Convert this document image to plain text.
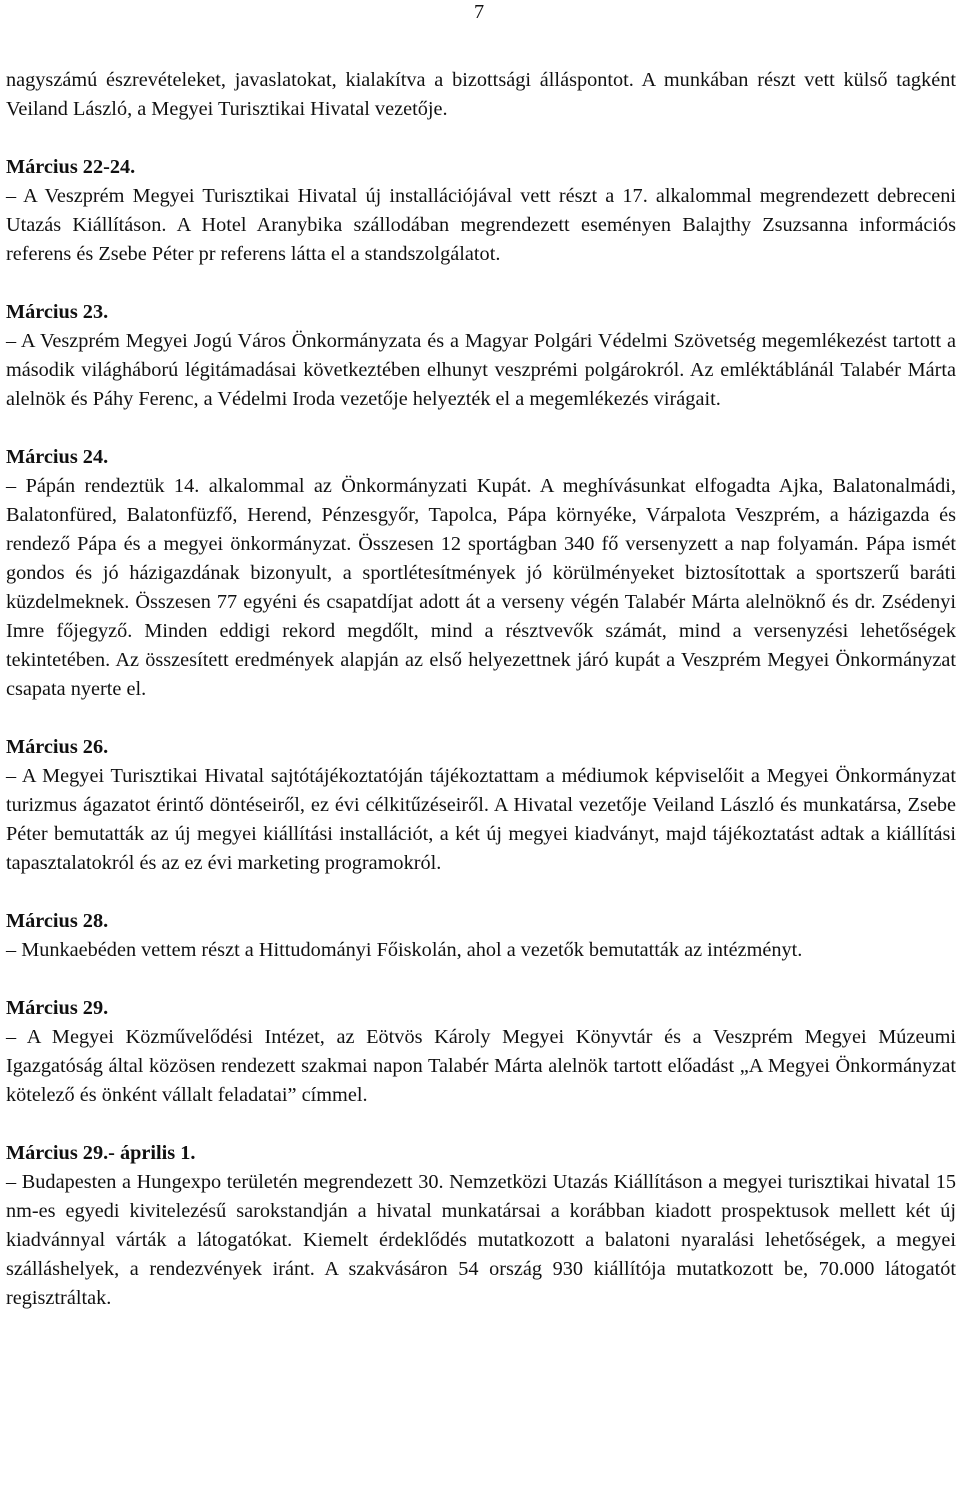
7

nagyszámú észrevételeket, javaslatokat, kialakítva a bizottsági álláspontot. A munkában részt vett külső tagként Veiland László, a Megyei Turisztikai Hivatal vezetője.

Március 22-24.

– A Veszprém Megyei Turisztikai Hivatal új installációjával vett részt a 17. alkalommal megrendezett debreceni Utazás Kiállításon. A Hotel Aranybika szállodában megrendezett eseményen Balajthy Zsuzsanna információs referens és Zsebe Péter pr referens látta el a standszolgálatot.

Március 23.

– A Veszprém Megyei Jogú Város Önkormányzata és a Magyar Polgári Védelmi Szövetség megemlékezést tartott a második világháború légitámadásai következtében elhunyt veszprémi polgárokról. Az emléktáblánál Talabér Márta alelnök és Páhy Ferenc, a Védelmi Iroda vezetője helyezték el a megemlékezés virágait.

Március 24.

– Pápán rendeztük 14. alkalommal az Önkormányzati Kupát. A meghívásunkat elfogadta Ajka, Balatonalmádi, Balatonfüred, Balatonfüzfő, Herend, Pénzesgyőr, Tapolca, Pápa környéke, Várpalota Veszprém, a házigazda és rendező Pápa és a megyei önkormányzat. Összesen 12 sportágban 340 fő versenyzett a nap folyamán. Pápa ismét gondos és jó házigazdának bizonyult, a sportlétesítmények jó körülményeket biztosítottak a sportszerű baráti küzdelmeknek. Összesen 77 egyéni és csapatdíjat adott át a verseny végén Talabér Márta alelnöknő és dr. Zsédenyi Imre főjegyző. Minden eddigi rekord megdőlt, mind a résztvevők számát, mind a versenyzési lehetőségek tekintetében. Az összesített eredmények alapján az első helyezettnek járó kupát a Veszprém Megyei Önkormányzat csapata nyerte el.

Március 26.

– A Megyei Turisztikai Hivatal sajtótájékoztatóján tájékoztattam a médiumok képviselőit a Megyei Önkormányzat turizmus ágazatot érintő döntéseiről, ez évi célkitűzéseiről. A Hivatal vezetője Veiland László és munkatársa, Zsebe Péter bemutatták az új megyei kiállítási installációt, a két új megyei kiadványt, majd tájékoztatást adtak a kiállítási tapasztalatokról és az ez évi marketing programokról.

Március 28.

– Munkaebéden vettem részt a Hittudományi Főiskolán, ahol a vezetők bemutatták az intézményt.

Március 29.

– A Megyei Közművelődési Intézet, az Eötvös Károly Megyei Könyvtár és a Veszprém Megyei Múzeumi Igazgatóság által közösen rendezett szakmai napon Talabér Márta alelnök tartott előadást „A Megyei Önkormányzat kötelező és önként vállalt feladatai” címmel.

Március 29.- április 1.

– Budapesten a Hungexpo területén megrendezett 30. Nemzetközi Utazás Kiállításon a megyei turisztikai hivatal 15 nm-es egyedi kivitelezésű sarokstandján a hivatal munkatársai a korábban kiadott prospektusok mellett két új kiadvánnyal várták a látogatókat. Kiemelt érdeklődés mutatkozott a balatoni nyaralási lehetőségek, a megyei szálláshelyek, a rendezvények iránt. A szakvásáron 54 ország 930 kiállítója mutatkozott be, 70.000 látogatót regisztráltak.
